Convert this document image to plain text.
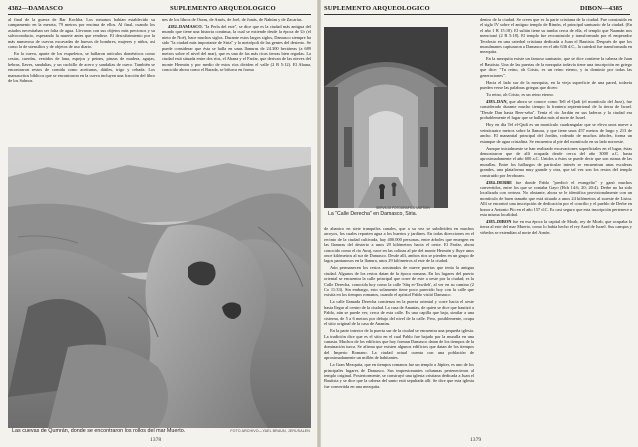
4382—DAMASCO	SUPLEMENTO ARQUEOLOGICO

al final de la guerra de Bar Kochba. Los romanos habían establecido su campamento en la meseta, 79 metros por encima de ellos. Al final, cuando los asiados necesitaban ser falta de agua. Llevaron con sus objetos más preciosos y su salvoconducto, esperando la muerte antes que rendirse. El descubrimiento por la más numerosa de cuevas excavadas de huesos de hombres, mujeres y niños, así como la de utensilios y de objetos de uso diario.

En la cueva, aparte de los esqueletos, se hallaron artículos domésticos como cestas, cuerdas, vestidos de lana, espejos y peines, pinzas de madera, agujas, hebras, llaves, sandalias, y un cuchillo de acero y sandalias de cuero. También se encontraron restos de comida como aceitunas, dátiles, trigo y cebada. Los manuscritos bíblicos que se encontraron en la cueva incluyen una fracción del libro de los Salmos.

nes de los libros de Oseas, de Amós, de Joel, de Jonás, de Nahúm y de Zacarías.

4382–DAMASCO. "Ia Perla del este", se dice que es la ciudad más antigua del mundo que tiene una historia continua, la cual se extiende desde la época de Ur (el nieto de Noé), hace muchos siglos. Durante estos largos siglos, Damasco siempre ha sido "la ciudad más importante de Siria" y la metrópoli de las gentes del desierto. Se puede considerar que ésta se halla en unas llanuras de 24.300 hectáreas (a 689 metros sobre el nivel del mar), que es una de las más ricas tierras bien regadas. La ciudad está situada entre dos ríos, el Abana y el Farfar, que derivan de las nieves del monte Hermón y por medio de estos ríos dividen el valle (2 R 5:12). El Abana, conocido ahora como el Barada, se bifurca en forma

Las cuevas de Qumrán, donde se encontraron los rollos del mar Muerto.	FOTO ARCHIVO—YAEL BRAUN, JERUSALEN
1378
SUPLEMENTO ARQUEOLOGICO	DIBON—4385

de abanico en siete tranquilos canales, que a su vez se subdividen en muchos arroyos, los cuales reparten agua a los huertos y jardines. En todas direcciones en el recinto de la ciudad cultivada, hay 400.000 personas, entre árboles que emergen en las llanuras del desierto a unos 29 kilómetros hacia el oeste. El Farfar, ahora conocido como el río Awaj, nace en las colinas al pie del monte Hermón y fluye unos once kilómetros al sur de Damasco. Desde allí, ambos ríos se pierden en un grupo de lagos pantanosos en la llanura, unos 29 kilómetros al este de la ciudad.

Aún permanecen los restos arruinados de nueve puertas que tenía la antigua ciudad. Algunos de los restos datan de la época romana. En los lugares del puerto oriental se encuentra la calle principal que corre de este a oeste por la ciudad; es la Calle Derecha, conocida hoy como la calle 'Sûq et-Tawileh', al ver en su camino (2 Co 11:33). Sin embargo, esto solamente tiene poco parecido hoy con la calle que existía en los tiempos romanos, cuando el apóstol Pablo visitó Damasco.

La calle llamada Derecha comienza en la puerta oriental y corre hacia el oeste hasta llegar al centro de la ciudad. La casa de Ananías, de quien se dice que bautizó a Pablo, aún se puede ver, cerca de esta calle. Es una capilla que baja, similar a una cisterna, de 5 a 6 metros por debajo del nivel de la calle. Pero, posiblemente, ocupa el sitio original de la casa de Ananías.

En la parte interior de la puerta sur de la ciudad se encuentra una pequeña iglesia. La tradición dice que es el sitio en el cual Pablo fue bajado por la muralla en una canasta. Muchos de los edificios que hoy forman Damasco datan de los tiempos de la dominación turca. Se afirma que existen algunos edificios que datan de los tiempos del Imperio Romano. La ciudad actual cuenta con una población de aproximadamente un millón de habitantes.

La Gran Mezquita, que en tiempos romanos fue un templo a Júpiter, es uno de los principales lugares de Damasco. Sus impresionantes columnas pertenecieron al templo original. Posteriormente, se construyó una iglesia cristiana dedicada a Juan el Bautista y se dice que la cabeza del santo está sepultada allí. Se dice que esta iglesia fue convertida en una mezquita.

dentro de la ciudad. Se creen que es la parte cristiana de la ciudad. Fue construida en el siglo IV sobre el antiguo templo de Rimón, el principal santuario de la ciudad. (En el año 1 R 15:18). El sultán tiene su tumba cerca de ella, el templo que Naamán nos mencionó (2 R 5:18). El templo fue reconstruido y transformado por el emperador Teodosio en una catedral cristiana dedicada a Juan el Bautista. Después de que los musulmanes capturaron a Damasco en el año 636 d.C., la catedral fue transformada en mezquita.

En la mezquita existe un famoso santuario, que se dice contiene la cabeza de Juan el Bautista. Una de las puertas de la mezquita todavía tiene una inscripción en griego que dice: "Tu reino, oh Cristo, es un reino eterno, y tu dominio por todas las generaciones".

Hacia el lado sur de la mezquita, en la vieja superficie de una pared, todavía pueden verse las palabras griegas que dicen:

Tu reino, oh Cristo, es un reino eterno.

4383–DAN, que ahora se conoce como Tell el-Qadi (el montículo del Juez), fue considerado durante mucho tiempo la frontera septentrional de la tierra de Israel. "Desde Dan hasta Beer-seba". Tenía el río Jordán en sus laderas y la ciudad era probablemente el lugar que se hallaba más al norte de Israel.

Hoy en día Tel el-Qadi es un montículo cuadrangular que se eleva unos nueve a veinticuatro metros sobre la llanura, y que tiene unos 457 metros de largo y 213 de ancho. El manantial principal del Jordán, rodeado de muchos árboles, forma un estanque de agua cristalina. Se encuentra al pie del montículo en su lado noroeste.

Aunque inicialmente se han realizado excavaciones superficiales en el lugar, éstas demostraron que de allí ocupada desde cerca del año 3000 a.C. hasta aproximadamente el año 600 a.C. Unidos a éstos se puede decir que son ruinas de las murallas. Entre los hallazgos de particular interés se encuentran unas escaleras grandes, una plataforma muy grande y otra, que tal vez son los restos del templo construido por Jeroboam.

4384–DERBE fue donde Pablo "predicó el evangelio" y ganó muchos convertidos, entre los que se contaba Gayo (Hch 14:6, 20; 20:4). Derbe no ha sido localizada con certeza. No obstante, ahora se le identifica provisionalmente con un montículo de buen tamaño que está situado a unos 24 kilómetros al sureste de Listra. Allí se encontró una inscripción de dedicación por el concilio y el pueblo de Derbe en honor a Antonio Pío en el año 157 d.C. Es casi seguro que esta inscripción pertenece a esta misma localidad.

4385–DIBON fue en esa época la capital de Moab, rey de Moab, que ocupaba la tierra al este del mar Muerto, como lo había hecho el rey Arad de Israel. Sus campos y viñedos se extendían al norte del Arnón.

1379
SERVICIO FOTOGRAFICO MATSON
La "Calle Derecha" en Damasco, Siria.
